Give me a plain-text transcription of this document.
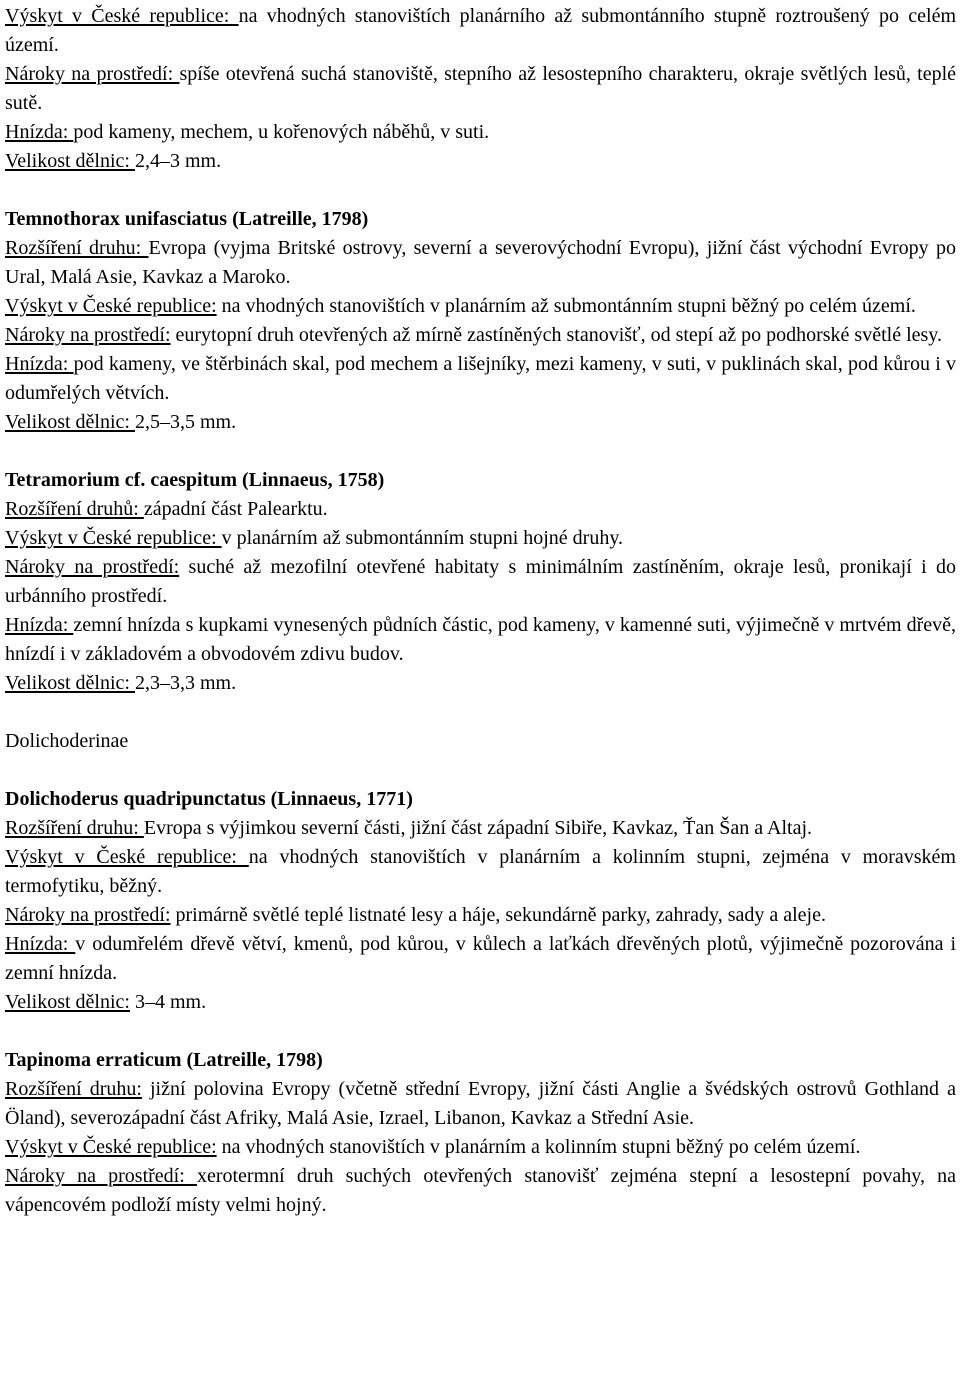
Výskyt v České republice: na vhodných stanovištích planárního až submontánního stupně roztroušený po celém území.

Nároky na prostředí: spíše otevřená suchá stanoviště, stepního až lesostepního charakteru, okraje světlých lesů, teplé sutě.

Hnízda: pod kameny, mechem, u kořenových náběhů, v suti.

Velikost dělnic: 2,4–3 mm.

Temnothorax unifasciatus (Latreille, 1798)

Rozšíření druhu: Evropa (vyjma Britské ostrovy, severní a severovýchodní Evropu), jižní část východní Evropy po Ural, Malá Asie, Kavkaz a Maroko.

Výskyt v České republice: na vhodných stanovištích v planárním až submontánním stupni běžný po celém území.

Nároky na prostředí: eurytopní druh otevřených až mírně zastíněných stanovišť, od stepí až po podhorské světlé lesy.

Hnízda: pod kameny, ve štěrbinách skal, pod mechem a lišejníky, mezi kameny, v suti, v puklinách skal, pod kůrou i v odumřelých větvích.

Velikost dělnic: 2,5–3,5 mm.

Tetramorium cf. caespitum (Linnaeus, 1758)

Rozšíření druhů: západní část Palearktu.

Výskyt v České republice: v planárním až submontánním stupni hojné druhy.

Nároky na prostředí: suché až mezofilní otevřené habitaty s minimálním zastíněním, okraje lesů, pronikají i do urbánního prostředí.

Hnízda: zemní hnízda s kupkami vynesených půdních částic, pod kameny, v kamenné suti, výjimečně v mrtvém dřevě, hnízdí i v základovém a obvodovém zdivu budov.

Velikost dělnic: 2,3–3,3 mm.

Dolichoderinae

Dolichoderus quadripunctatus (Linnaeus, 1771)

Rozšíření druhu: Evropa s výjimkou severní části, jižní část západní Sibiře, Kavkaz, Ťan Šan a Altaj.

Výskyt v České republice: na vhodných stanovištích v planárním a kolinním stupni, zejména v moravském termofytiku, běžný.

Nároky na prostředí: primárně světlé teplé listnaté lesy a háje, sekundárně parky, zahrady, sady a aleje.

Hnízda: v odumřelém dřevě větví, kmenů, pod kůrou, v kůlech a laťkách dřevěných plotů, výjimečně pozorována i zemní hnízda.

Velikost dělnic: 3–4 mm.

Tapinoma erraticum (Latreille, 1798)

Rozšíření druhu: jižní polovina Evropy (včetně střední Evropy, jižní části Anglie a švédských ostrovů Gothland a Öland), severozápadní část Afriky, Malá Asie, Izrael, Libanon, Kavkaz a Střední Asie.

Výskyt v České republice: na vhodných stanovištích v planárním a kolinním stupni běžný po celém území.

Nároky na prostředí: xerotermní druh suchých otevřených stanovišť zejména stepní a lesostepní povahy, na vápencovém podloží místy velmi hojný.
